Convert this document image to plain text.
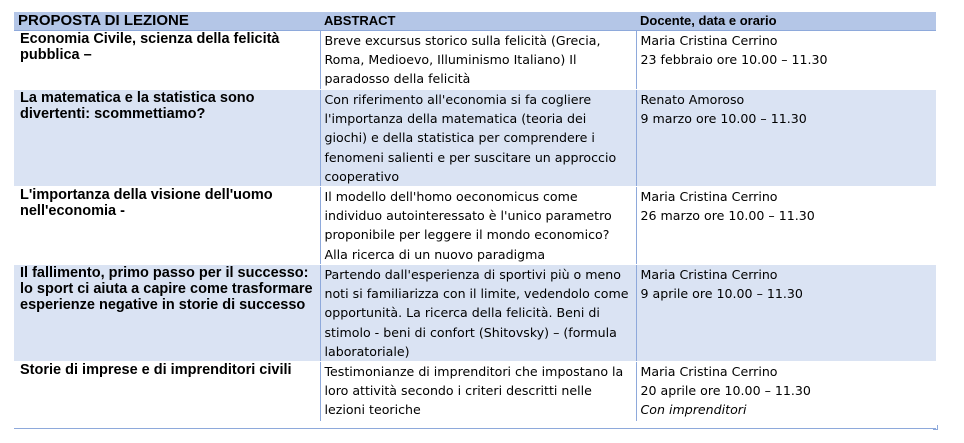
PROPOSTA DI LEZIONE	ABSTRACT	Docente, data e orario
Economia Civile, scienza della felicità pubblica –	Breve excursus storico sulla felicità (Grecia, Roma, Medioevo, Illuminismo Italiano) Il paradosso della felicità	Maria Cristina Cerrino
23 febbraio ore 10.00 – 11.30

La matematica e la statistica sono divertenti: scommettiamo?	Con riferimento all'economia si fa cogliere l'importanza della matematica (teoria dei giochi) e della statistica per comprendere i fenomeni salienti e per suscitare un approccio cooperativo	Renato Amoroso
9 marzo ore 10.00 – 11.30

L'importanza della visione dell'uomo nell'economia -	Il modello dell'homo oeconomicus come individuo autointeressato è l'unico parametro proponibile per leggere il mondo economico? Alla ricerca di un nuovo paradigma	Maria Cristina Cerrino
26 marzo ore 10.00 – 11.30

Il fallimento, primo passo per il successo: lo sport ci aiuta a capire come trasformare esperienze negative in storie di successo	Partendo dall'esperienza di sportivi più o meno noti si familiarizza con il limite, vedendolo come opportunità. La ricerca della felicità. Beni di stimolo - beni di confort (Shitovsky) – (formula laboratoriale)	Maria Cristina Cerrino
9 aprile ore 10.00 – 11.30

Storie di imprese e di imprenditori civili	Testimonianze di imprenditori che impostano la loro attività secondo i criteri descritti nelle lezioni teoriche	Maria Cristina Cerrino
20 aprile ore 10.00 – 11.30
Con imprenditori
